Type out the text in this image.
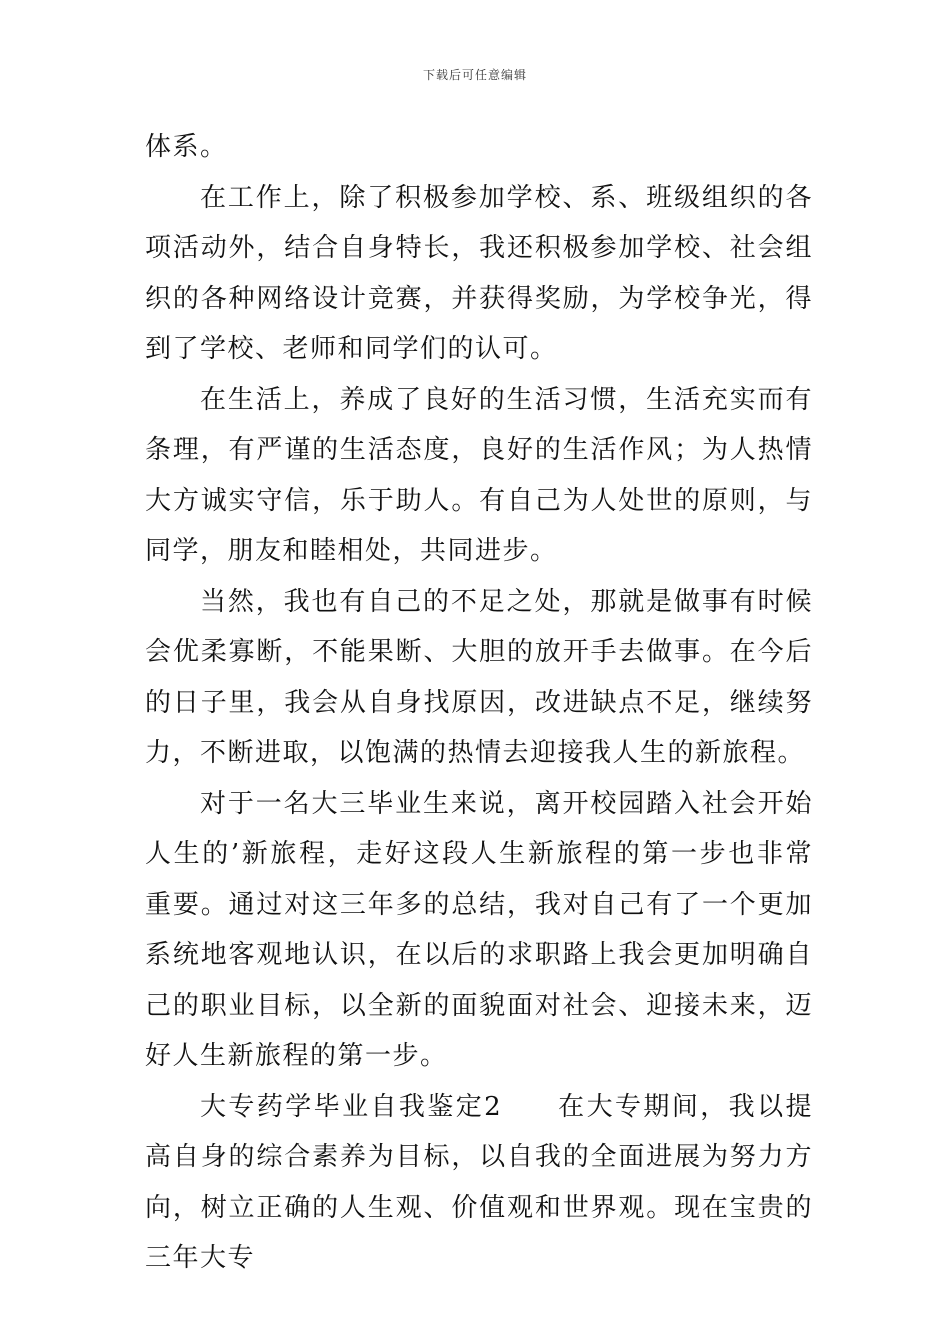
下载后可任意编辑

体系。

在工作上，除了积极参加学校、系、班级组织的各项活动外，结合自身特长，我还积极参加学校、社会组织的各种网络设计竞赛，并获得奖励，为学校争光，得到了学校、老师和同学们的认可。

在生活上，养成了良好的生活习惯，生活充实而有条理，有严谨的生活态度，良好的生活作风；为人热情大方诚实守信，乐于助人。有自己为人处世的原则，与同学，朋友和睦相处，共同进步。

当然，我也有自己的不足之处，那就是做事有时候会优柔寡断，不能果断、大胆的放开手去做事。在今后的日子里，我会从自身找原因，改进缺点不足，继续努力，不断进取，以饱满的热情去迎接我人生的新旅程。

对于一名大三毕业生来说，离开校园踏入社会开始人生的’新旅程，走好这段人生新旅程的第一步也非常重要。通过对这三年多的总结，我对自己有了一个更加系统地客观地认识，在以后的求职路上我会更加明确自己的职业目标，以全新的面貌面对社会、迎接未来，迈好人生新旅程的第一步。

大专药学毕业自我鉴定2 在大专期间，我以提高自身的综合素养为目标，以自我的全面进展为努力方向，树立正确的人生观、价值观和世界观。现在宝贵的三年大专
